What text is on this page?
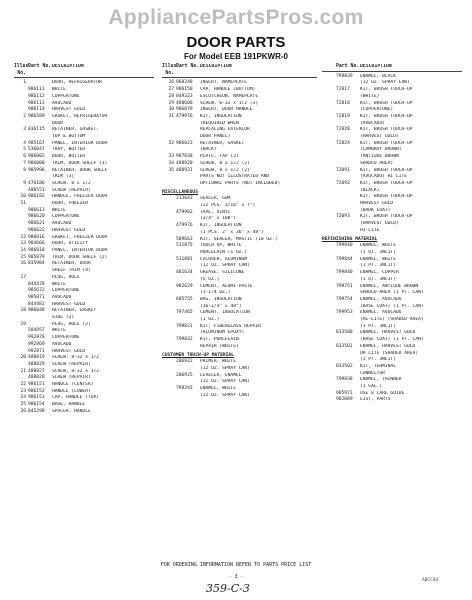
AppliancePartsPros.com
DOOR PARTS
For Model EEB 191PKWR-0
Illus. No.
Part No. DESCRIPTION
1	DOOR, REFRIGERATOR
986111	WHITE
986112	COPPERTONE
986113	AVOCADO
986114	HARVEST GOLD
2 986589	GASKET, REFRIGERATOR
DOOR
3 836115	RETAINER, GASKET,
TOP & BOTTOM
4 985167	PANEL, INTERIOR DOOR
5 536047	TRAY, BUTTER
6 986002	DOOR, BUTTER
7 986000	TRIM, DOOR SHELF (3)
8 985996	RETAINER, DOOR SHELF
TRIM (3)
9 476186	SCREW, 8 x 1/2
488553	SCREW (REPAIR)
10 986182	HANDLE, FREEZER DOOR
11	DOOR, FREEZER
986613	WHITE
986620	COPPERTONE
986621	AVOCADO
986622	HARVEST GOLD
12 986016	GASKET, FREEZER DOOR
13 984666	DOOR, UTILITY
14 986018	PANEL, INTERIOR DOOR
15 985879	TRIM, DOOR SHELF (2)
16 835904	RETAINER, DOOR
SHELF TRIM (4)
17	PLUG, HOLE
844478	WHITE
985672	COPPERTONE
985071	AVOCADO
844481	HARVEST GOLD
18 986048	RETAINER, GASKET
SIDE (2)
19	PLUG, HOLE (2)
504957	WHITE
992870	COPPERTONE
992869	AVOCADO
992871	HARVEST GOLD
20 488819	SCREW, 8-32 x 1/2
488829	SCREW (REPAIR)
21 488827	SCREW, 8-32 x 1/2
488828	SCREW (REPAIR)
22 986151	HANDLE (CENTER)
23 986152	HANDLE (LOWER)
24 986153	CAP, HANDLE (TOP)
25 986154	BASE, HANDLE
26 845298	SPACER, HANDLE
Illus. No.
Part No. DESCRIPTION
26 968248	INSERT, NAMEPLATE
27 986150	CAP, HANDLE (BOTTOM)
28 849323	ESCUTCHEON, NAMEPLATE
29 488608	SCREW, 6-32 x 1/2 (3)
30 986079	INSERT, DOOR HANDLE
31 479976	KIT, INSULATION
(REQUIRED WHEN
REPLACING EXTERIOR
DOOR PANEL)
32 986023	RETAINER, GASKET
(BACK)
33 987838	PLATE, TAP (2)
34 488920	SCREW, 8 x 1/2 (2)
35 488921	SCREW, 8 x 1/2 (2)
PARTS NOT ILLUSTRATED AND
OPTIONAL PARTS (NOT INCLUDED)
MISCELLANEOUS
213643	SEALER, GUM
(22 PCS. 3/16" x 7")
479902	TAPE, VINYL
(3/4" x 108")
479976	KIT, INSULATION
(1 PCS. 2" x 36" x 48")
509663	KIT, SEALER, MASTIC (10 OZ.)
511875	TOUCH UP, WHITE
PORCELAIN (1 OZ.)
511881	LACQUER, ALUMINUM
(12 OZ. SPRAY CAN)
481634	GREASE, SILICONE
(5 OZ.)
982629	CEMENT, ALUMI-PASTE
(1-1/4 OZ.)
605755	BAG, INSULATION
(36-1/4" x 48")
797465	CEMENT, INSULATION
(1 OZ.)
799821	KIT, FIBERGLASS REPAIR
(ALUMINUM EPOXY)
799832	KIT, PORCELAIN
REPAIR (WHITE)
CUSTOMER TOUCH-UP MATERIAL
206922	PRIMER, WHITE
(12 OZ. SPRAY CAN)
206925	LEVELER, ENAMEL
(12 OZ. SPRAY CAN)
799343	ENAMEL, WHITE
(12 OZ. SPRAY CAN)
Part No. DESCRIPTION
799839	ENAMEL, BLACK
(12 OZ. SPRAY CAN)
72817	KIT, BRUSH TOUCH-UP
(WHITE)
72818	KIT, BRUSH TOUCH-UP
(COPPERTONE)
72819	KIT, BRUSH TOUCH-UP
(AVOCADO)
72820	KIT, BRUSH TOUCH-UP
(HARVEST GOLD)
72824	KIT, BRUSH TOUCH-UP
(CAMBRAY BROWN)
(ANTIQUE BROWN
SHADED AREA)
72091	KIT, BRUSH TOUCH-UP
(AVOCADO) HI LITE
72092	KIT, BRUSH TOUCH-UP
(BLACK)
KIT, BRUSH TOUCH-UP
HARVEST GOLD
(BARK COAT)
72093	KIT, BRUSH TOUCH-UP
(HARVEST GOLD)
HI-LITE
REFINISHING MATERIAL
799840	ENAMEL, WHITE
(1 QT. 3NC1T)
799844	ENAMEL, WHITE
(1 PT. 3NC1T)
799840	ENAMEL, COPPER
(1 QT. 3NC1T)
799751	ENAMEL, ANTIQUE BROWN
SHADED AREA (1 PT. CAN)
799754	ENAMEL, AVOCADO
(BASE COAT) (1 PT. CAN)
799953	ENAMEL, AVOCADO
(HI-LITE) (SHADED AREA)
(1 PT. 3NC1T)
833500	ENAMEL, HARVEST GOLD
(BASE COAT) (1 PT. CAN)
833501	ENAMEL, HARVEST GOLD
OR LITE (SHADED AREA)
(1 PT. 3NC1T)
833502	KIT, TERMINAL
CONNECTOR
799838	ENAMEL, THINNER
(1 GAL.)
985971	USE & CARE GUIDE
982089	LIST, PARTS
FOR ORDERING INFORMATION REFER TO PARTS PRICE LIST
- 3 -
ABCC03
359-C-3
